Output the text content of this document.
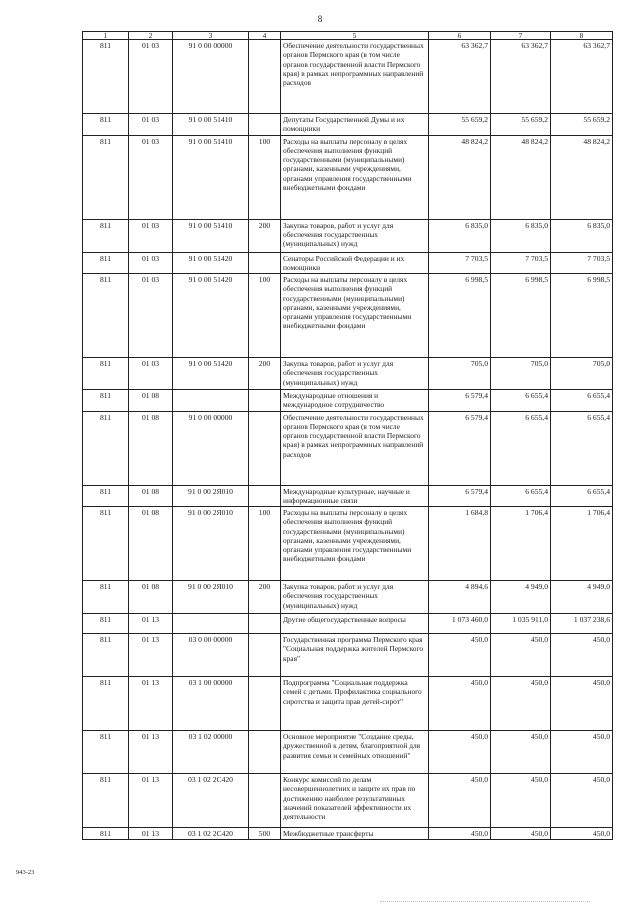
8
1	2	3	4	5	6	7	8
811	01 03	91 0 00 00000		Обеспечение деятельности государственных органов Пермского края (в том числе органов государственной власти Пермского края) в рамках непрограммных направлений расходов	63 362,7	63 362,7	63 362,7
811	01 03	91 0 00 51410		Депутаты Государственной Думы и их помощники	55 659,2	55 659,2	55 659,2
811	01 03	91 0 00 51410	100	Расходы на выплаты персоналу в целях обеспечения выполнения функций государственными (муниципальными) органами, казенными учреждениями, органами управления государственными внебюджетными фондами	48 824,2	48 824,2	48 824,2
811	01 03	91 0 00 51410	200	Закупка товаров, работ и услуг для обеспечения государственных (муниципальных) нужд	6 835,0	6 835,0	6 835,0
811	01 03	91 0 00 51420		Сенаторы Российской Федерации и их помощники	7 703,5	7 703,5	7 703,5
811	01 03	91 0 00 51420	100	Расходы на выплаты персоналу в целях обеспечения выполнения функций государственными (муниципальными) органами, казенными учреждениями, органами управления государственными внебюджетными фондами	6 998,5	6 998,5	6 998,5
811	01 03	91 0 00 51420	200	Закупка товаров, работ и услуг для обеспечения государственных (муниципальных) нужд	705,0	705,0	705,0
811	01 08			Международные отношения и международное сотрудничество	6 579,4	6 655,4	6 655,4
811	01 08	91 0 00 00000		Обеспечение деятельности государственных органов Пермского края (в том числе органов государственной власти Пермского края) в рамках непрограммных направлений расходов	6 579,4	6 655,4	6 655,4
811	01 08	91 0 00 2Я010		Международные культурные, научные и информационные связи	6 579,4	6 655,4	6 655,4
811	01 08	91 0 00 2Я010	100	Расходы на выплаты персоналу в целях обеспечения выполнения функций государственными (муниципальными) органами, казенными учреждениями, органами управления государственными внебюджетными фондами	1 684,8	1 706,4	1 706,4
811	01 08	91 0 00 2Я010	200	Закупка товаров, работ и услуг для обеспечения государственных (муниципальных) нужд	4 894,6	4 949,0	4 949,0
811	01 13			Другие общегосударственные вопросы	1 073 460,0	1 035 911,0	1 037 238,6
811	01 13	03 0 00 00000		Государственная программа Пермского края "Социальная поддержка жителей Пермского края"	450,0	450,0	450,0
811	01 13	03 1 00 00000		Подпрограмма "Социальная поддержка семей с детьми. Профилактика социального сиротства и защита прав детей-сирот"	450,0	450,0	450,0
811	01 13	03 1 02 00000		Основное мероприятие "Создание среды, дружественной к детям, благоприятной для развития семьи и семейных отношений"	450,0	450,0	450,0
811	01 13	03 1 02 2С420		Конкурс комиссий по делам несовершеннолетних и защите их прав по достижению наиболее результативных значений показателей эффективности их деятельности	450,0	450,0	450,0
811	01 13	03 1 02 2С420	500	Межбюджетные трансферты	450,0	450,0	450,0
943-23
